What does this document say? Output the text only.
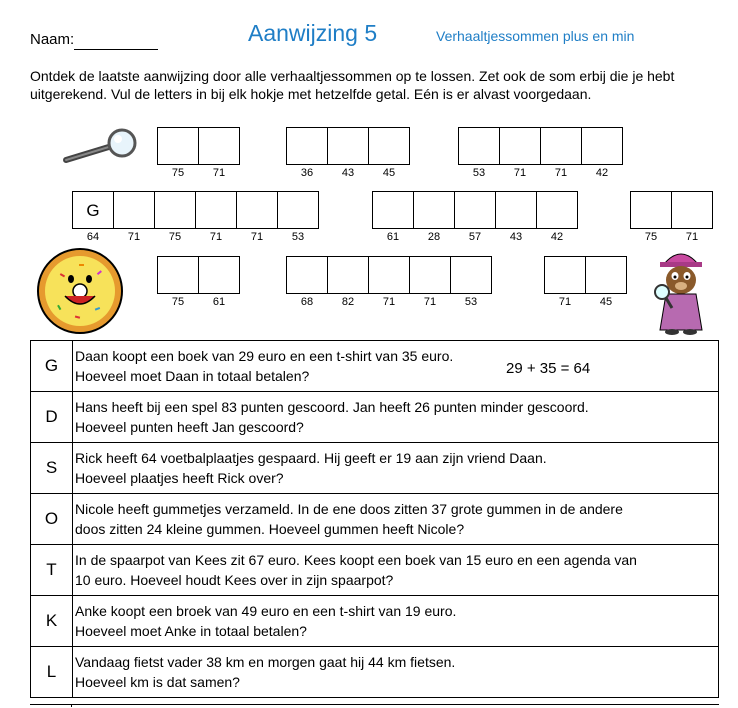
Naam:	Aanwijzing 5	Verhaaltjessommen plus en min
Ontdek de laatste aanwijzing door alle verhaaltjessommen op te lossen. Zet ook de som erbij die je hebt uitgerekend. Vul de letters in bij elk hokje met hetzelfde getal. Eén is er alvast voorgedaan.
75	71	36	43	45	53	71	71	42
G
64	71	75	71	71	53	61	28	57	43	42	75	71
75	61	68	82	71	71	53	71	45
G	Daan koopt een boek van 29 euro en een t-shirt van 35 euro.
Hoeveel moet Daan in totaal betalen? 29 + 35 = 64

D	Hans heeft bij een spel 83 punten gescoord. Jan heeft 26 punten minder gescoord.
Hoeveel punten heeft Jan gescoord?

S	Rick heeft 64 voetbalplaatjes gespaard. Hij geeft er 19 aan zijn vriend Daan.
Hoeveel plaatjes heeft Rick over?

O	Nicole heeft gummetjes verzameld. In de ene doos zitten 37 grote gummen in de andere
doos zitten 24 kleine gummen. Hoeveel gummen heeft Nicole?

T	In de spaarpot van Kees zit 67 euro. Kees koopt een boek van 15 euro en een agenda van
10 euro. Hoeveel houdt Kees over in zijn spaarpot?

K	Anke koopt een broek van 49 euro en een t-shirt van 19 euro.
Hoeveel moet Anke in totaal betalen?

L	Vandaag fietst vader 38 km en morgen gaat hij 44 km fietsen.
Hoeveel km is dat samen?
